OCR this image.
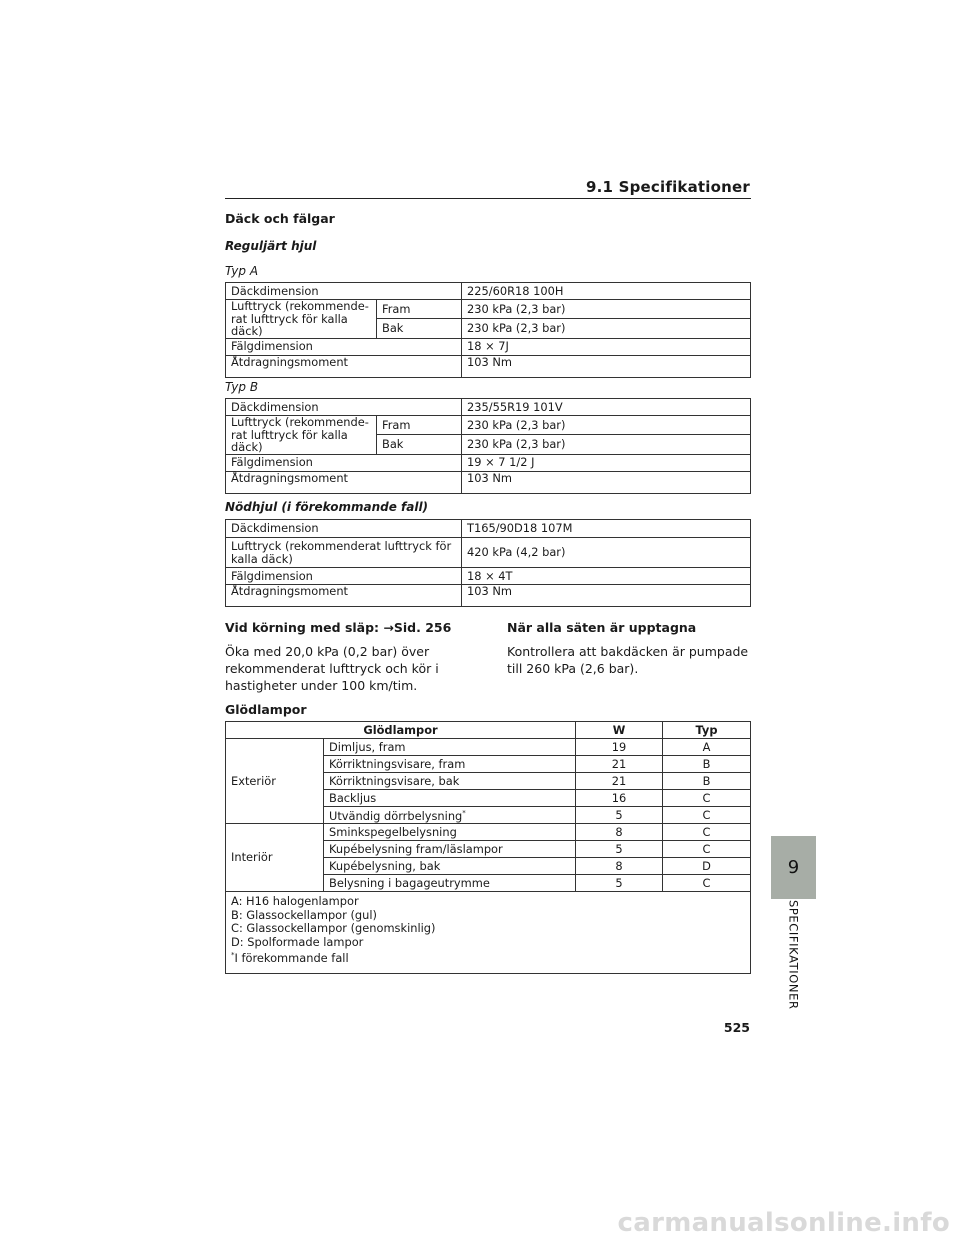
9.1 Specifikationer
Däck och fälgar
Reguljärt hjul
Typ A
Däckdimension		225/60R18 100H
Lufttryck (rekommende-rat lufttryck för kalla däck)	Fram	230 kPa (2,3 bar)
	Bak	230 kPa (2,3 bar)
Fälgdimension		18 × 7J
Åtdragningsmoment		103 Nm
Typ B
Däckdimension		235/55R19 101V
Lufttryck (rekommende-rat lufttryck för kalla däck)	Fram	230 kPa (2,3 bar)
	Bak	230 kPa (2,3 bar)
Fälgdimension		19 × 7 1/2 J
Åtdragningsmoment		103 Nm
Nödhjul (i förekommande fall)
Däckdimension	T165/90D18 107M
Lufttryck (rekommenderat lufttryck för kalla däck)	420 kPa (4,2 bar)
Fälgdimension	18 × 4T
Åtdragningsmoment	103 Nm
Vid körning med släp: →Sid. 256
Öka med 20,0 kPa (0,2 bar) över rekommenderat lufttryck och kör i hastigheter under 100 km/tim.
När alla säten är upptagna
Kontrollera att bakdäcken är pumpade till 260 kPa (2,6 bar).
Glödlampor
Glödlampor		W	Typ
Exteriör	Dimljus, fram	19	A
	Körriktningsvisare, fram	21	B
	Körriktningsvisare, bak	21	B
	Backljus	16	C
	Utvändig dörrbelysning*	5	C
Interiör	Sminkspegelbelysning	8	C
	Kupébelysning fram/läslampor	5	C
	Kupébelysning, bak	8	D
	Belysning i bagageutrymme	5	C

A: H16 halogenlampor
B: Glassockellampor (gul)
C: Glassockellampor (genomskinlig)
D: Spolformade lampor
*I förekommande fall			
9
SPECIFIKATIONER
525
carmanualsonline.info
